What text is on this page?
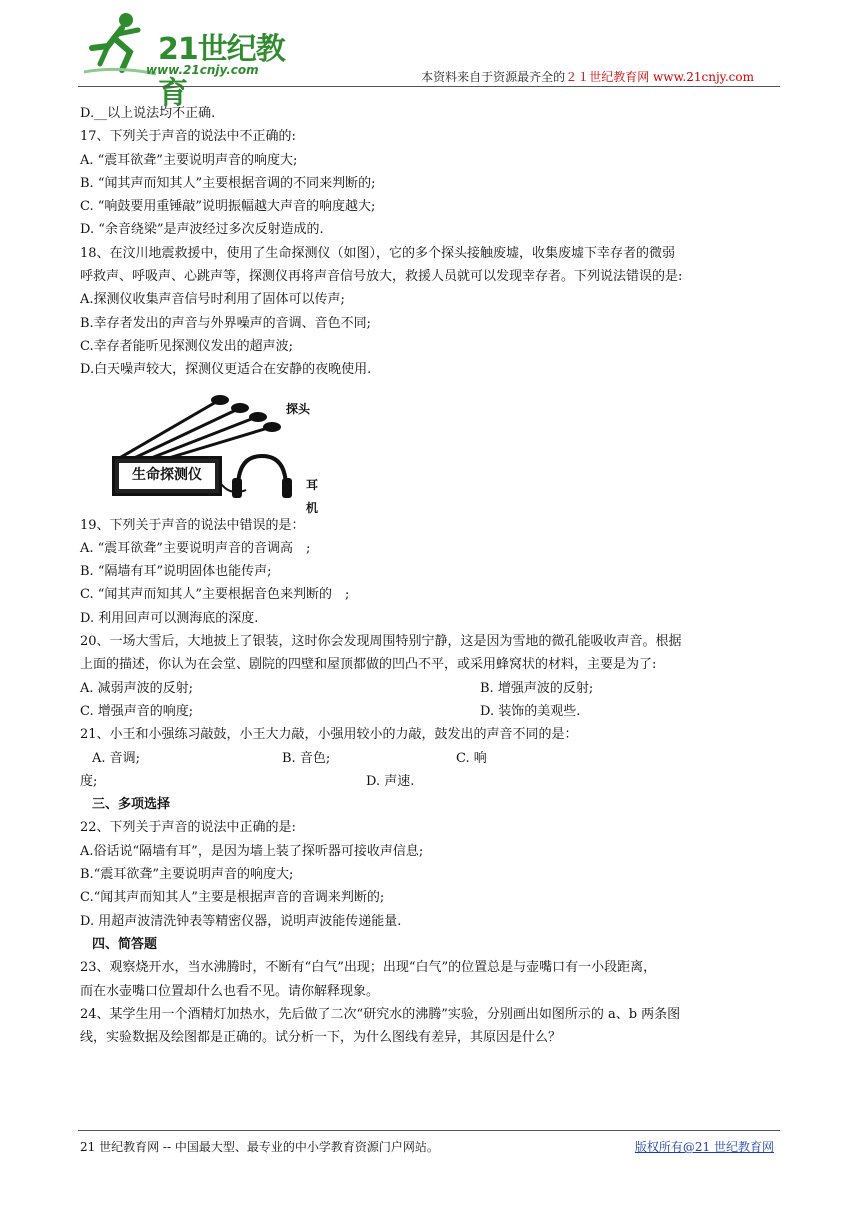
21世纪教育
www.21cnjy.com	本资料来自于资源最齐全的２１世纪教育网 www.21cnjy.com
D.__以上说法均不正确.
17、下列关于声音的说法中不正确的:
A. “震耳欲聋”主要说明声音的响度大;
B. “闻其声而知其人”主要根据音调的不同来判断的;
C. “响鼓要用重锤敲”说明振幅越大声音的响度越大;
D. “余音绕梁”是声波经过多次反射造成的.
18、在汶川地震救援中，使用了生命探测仪（如图），它的多个探头接触废墟，收集废墟下幸存者的微弱
呼救声、呼吸声、心跳声等，探测仪再将声音信号放大，救援人员就可以发现幸存者。下列说法错误的是:
A.探测仪收集声音信号时利用了固体可以传声;
B.幸存者发出的声音与外界噪声的音调、音色不同;
C.幸存者能听见探测仪发出的超声波;
D.白天噪声较大，探测仪更适合在安静的夜晚使用.
生命探测仪
探头
耳机
19、下列关于声音的说法中错误的是：
A. “震耳欲聋”主要说明声音的音调高　;
B. “隔墙有耳”说明固体也能传声;
C. “闻其声而知其人”主要根据音色来判断的　;
D. 利用回声可以测海底的深度.
20、一场大雪后，大地披上了银装，这时你会发现周围特别宁静，这是因为雪地的微孔能吸收声音。根据
上面的描述，你认为在会堂、剧院的四壁和屋顶都做的凹凸不平，或采用蜂窝状的材料，主要是为了:
A. 减弱声波的反射;	B. 增强声波的反射;
C. 增强声音的响度;	D. 装饰的美观些.
21、小王和小强练习敲鼓，小王大力敲，小强用较小的力敲，鼓发出的声音不同的是：
A. 音调;	B. 音色;	C. 响
度;	D. 声速.
三、多项选择
22、下列关于声音的说法中正确的是:
A.俗话说“隔墙有耳”，是因为墙上装了探听器可接收声信息;
B.“震耳欲聋”主要说明声音的响度大;
C.“闻其声而知其人”主要是根据声音的音调来判断的;
D. 用超声波清洗钟表等精密仪器，说明声波能传递能量.
四、简答题
23、观察烧开水，当水沸腾时，不断有“白气”出现；出现“白气”的位置总是与壶嘴口有一小段距离，
而在水壶嘴口位置却什么也看不见。请你解释现象。
24、某学生用一个酒精灯加热水，先后做了二次“研究水的沸腾”实验，分别画出如图所示的 a、b 两条图
线，实验数据及绘图都是正确的。试分析一下，为什么图线有差异，其原因是什么？
21 世纪教育网 -- 中国最大型、最专业的中小学教育资源门户网站。	版权所有@21 世纪教育网
